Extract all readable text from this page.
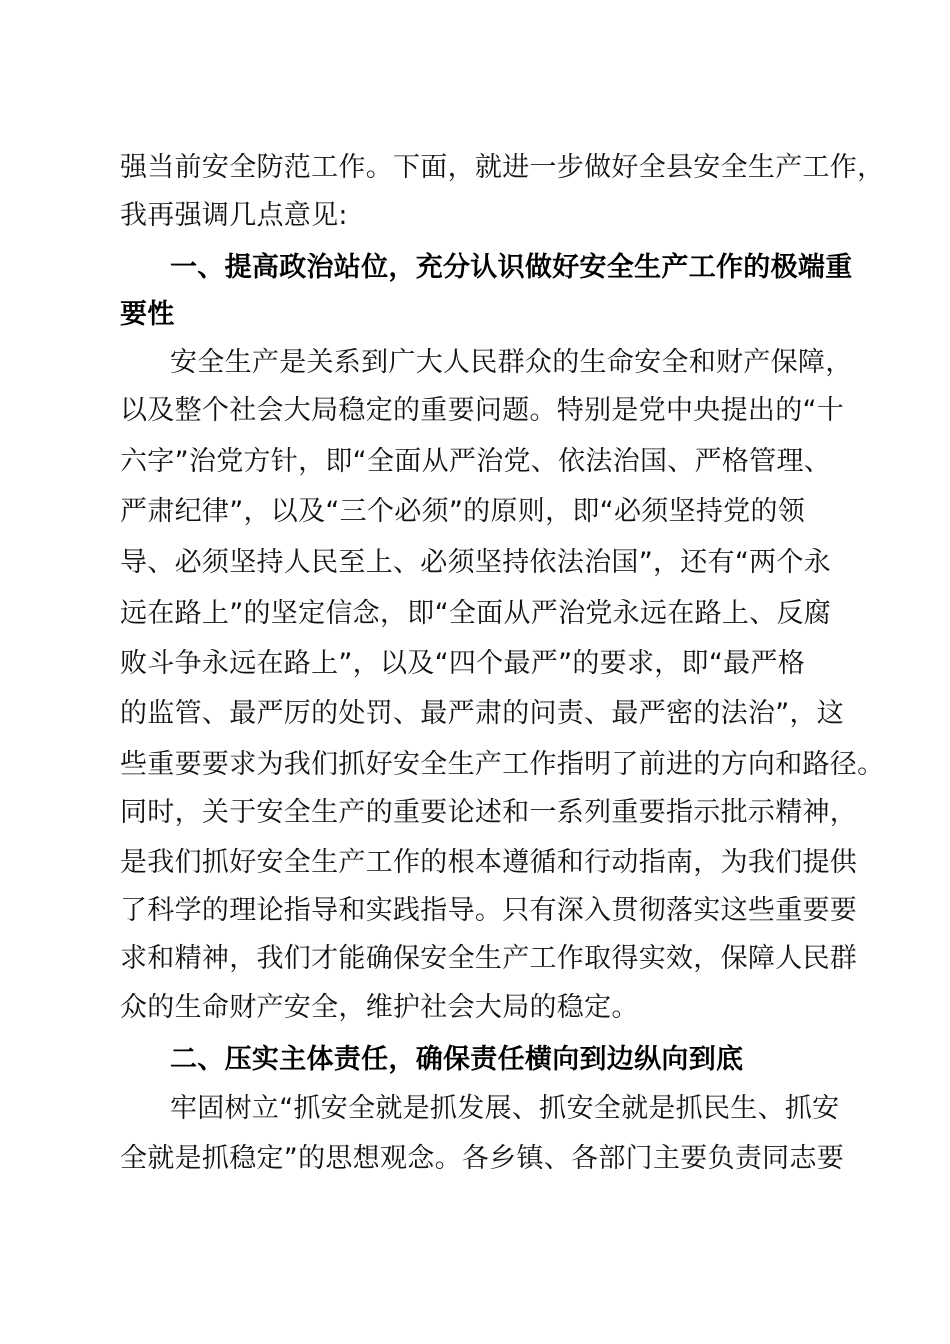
强当前安全防范工作。下面，就进一步做好全县安全生产工作，
我再强调几点意见:
一、提高政治站位，充分认识做好安全生产工作的极端重
要性
安全生产是关系到广大人民群众的生命安全和财产保障，
以及整个社会大局稳定的重要问题。特别是党中央提出的“十
六字”治党方针，即“全面从严治党、依法治国、严格管理、
严肃纪律”，以及“三个必须”的原则，即“必须坚持党的领
导、必须坚持人民至上、必须坚持依法治国”，还有“两个永
远在路上”的坚定信念，即“全面从严治党永远在路上、反腐
败斗争永远在路上”，以及“四个最严”的要求，即“最严格
的监管、最严厉的处罚、最严肃的问责、最严密的法治”，这
些重要要求为我们抓好安全生产工作指明了前进的方向和路径。
同时，关于安全生产的重要论述和一系列重要指示批示精神，
是我们抓好安全生产工作的根本遵循和行动指南，为我们提供
了科学的理论指导和实践指导。只有深入贯彻落实这些重要要
求和精神，我们才能确保安全生产工作取得实效，保障人民群
众的生命财产安全，维护社会大局的稳定。
二、压实主体责任，确保责任横向到边纵向到底
牢固树立“抓安全就是抓发展、抓安全就是抓民生、抓安
全就是抓稳定”的思想观念。各乡镇、各部门主要负责同志要
